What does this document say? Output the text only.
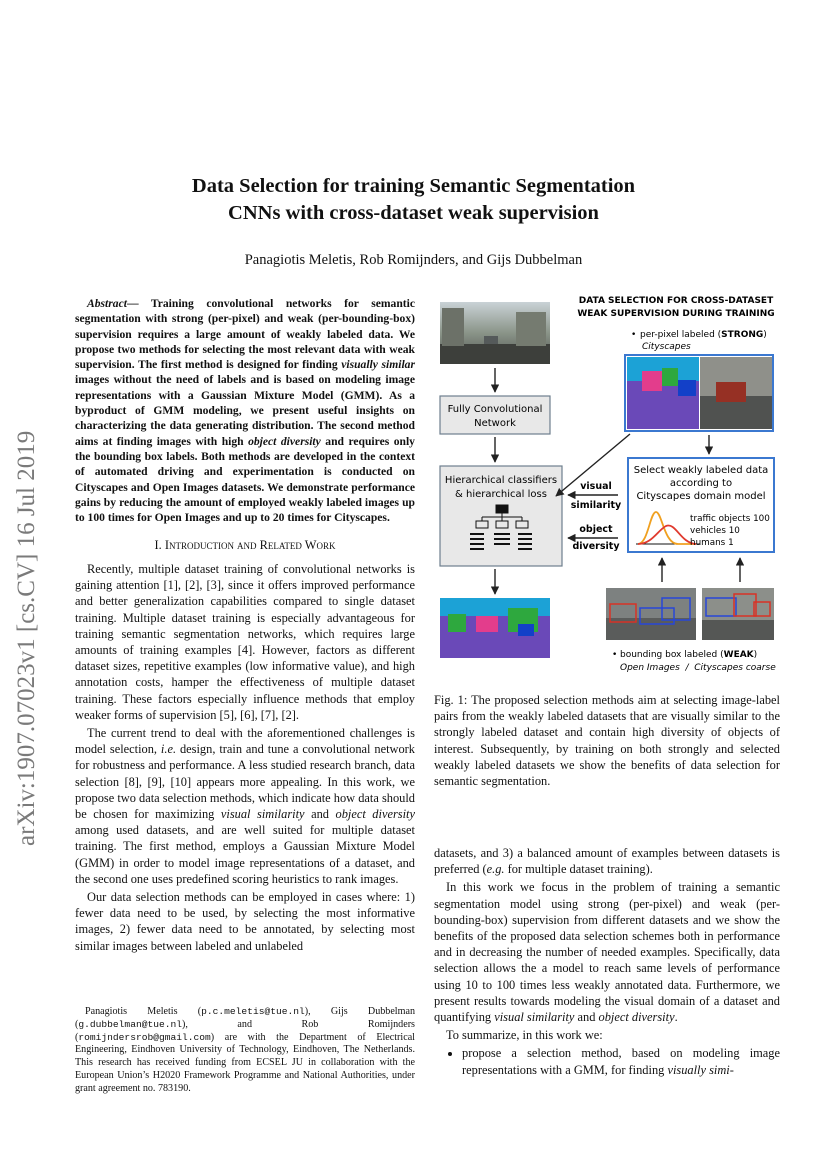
arXiv:1907.07023v1 [cs.CV] 16 Jul 2019
Data Selection for training Semantic Segmentation
CNNs with cross-dataset weak supervision
Panagiotis Meletis, Rob Romijnders, and Gijs Dubbelman

Abstract— Training convolutional networks for semantic segmentation with strong (per-pixel) and weak (per-bounding-box) supervision requires a large amount of weakly labeled data. We propose two methods for selecting the most relevant data with weak supervision. The first method is designed for finding visually similar images without the need of labels and is based on modeling image representations with a Gaussian Mixture Model (GMM). As a byproduct of GMM modeling, we present useful insights on characterizing the data generating distribution. The second method aims at finding images with high object diversity and requires only the bounding box labels. Both methods are developed in the context of automated driving and experimentation is conducted on Cityscapes and Open Images datasets. We demonstrate performance gains by reducing the amount of employed weakly labeled images up to 100 times for Open Images and up to 20 times for Cityscapes.

I. Introduction and Related Work

Recently, multiple dataset training of convolutional networks is gaining attention [1], [2], [3], since it offers improved performance and better generalization capabilities compared to single dataset training. Multiple dataset training is especially advantageous for training semantic segmentation networks, which requires large amounts of training examples [4]. However, factors as different dataset sizes, repetitive examples (low informative value), and high annotation costs, hamper the effectiveness of multiple dataset training. These factors especially influence methods that employ weaker forms of supervision [5], [6], [7], [2].

The current trend to deal with the aforementioned challenges is model selection, i.e. design, train and tune a convolutional network for robustness and performance. A less studied research branch, data selection [8], [9], [10] appears more appealing. In this work, we propose two data selection methods, which indicate how data should be chosen for maximizing visual similarity and object diversity among used datasets, and are well suited for multiple dataset training. The first method, employs a Gaussian Mixture Model (GMM) in order to model image representations of a dataset, and the second one uses predefined scoring heuristics to rank images.

Our data selection methods can be employed in cases where: 1) fewer data need to be used, by selecting the most informative images, 2) fewer data need to be annotated, by selecting most similar images between labeled and unlabeled

Panagiotis Meletis (p.c.meletis@tue.nl), Gijs Dubbelman (g.dubbelman@tue.nl), and Rob Romijnders (romijndersrob@gmail.com) are with the Department of Electrical Engineering, Eindhoven University of Technology, Eindhoven, The Netherlands. This research has received funding from ECSEL JU in collaboration with the European Union’s H2020 Framework Programme and National Authorities, under grant agreement no. 783190.

DATA SELECTION FOR CROSS-DATASET
WEAK SUPERVISION DURING TRAINING
• per-pixel labeled (STRONG)
Cityscapes
Fully Convolutional
Network
Hierarchical classifiers
& hierarchical loss
visual
similarity
object
diversity
Select weakly labeled data
according to
Cityscapes domain model
traffic objects 100
vehicles 10
humans 1
• bounding box labeled (WEAK)
Open Images  /  Cityscapes coarse
Fig. 1: The proposed selection methods aim at selecting image-label pairs from the weakly labeled datasets that are visually similar to the strongly labeled dataset and contain high diversity of objects of interest. Subsequently, by training on both strongly and selected weakly labeled datasets we show the benefits of data selection for semantic segmentation.

datasets, and 3) a balanced amount of examples between datasets is preferred (e.g. for multiple dataset training).

In this work we focus in the problem of training a semantic segmentation model using strong (per-pixel) and weak (per-bounding-box) supervision from different datasets and we show the benefits of the proposed data selection schemes both in performance and in decreasing the number of needed examples. Specifically, data selection allows the a model to reach same levels of performance using 10 to 100 times less weakly annotated data. Furthermore, we present results towards modeling the visual domain of a dataset and quantifying visual similarity and object diversity.

To summarize, in this work we:

• propose a selection method, based on modeling image representations with a GMM, for finding visually simi-
